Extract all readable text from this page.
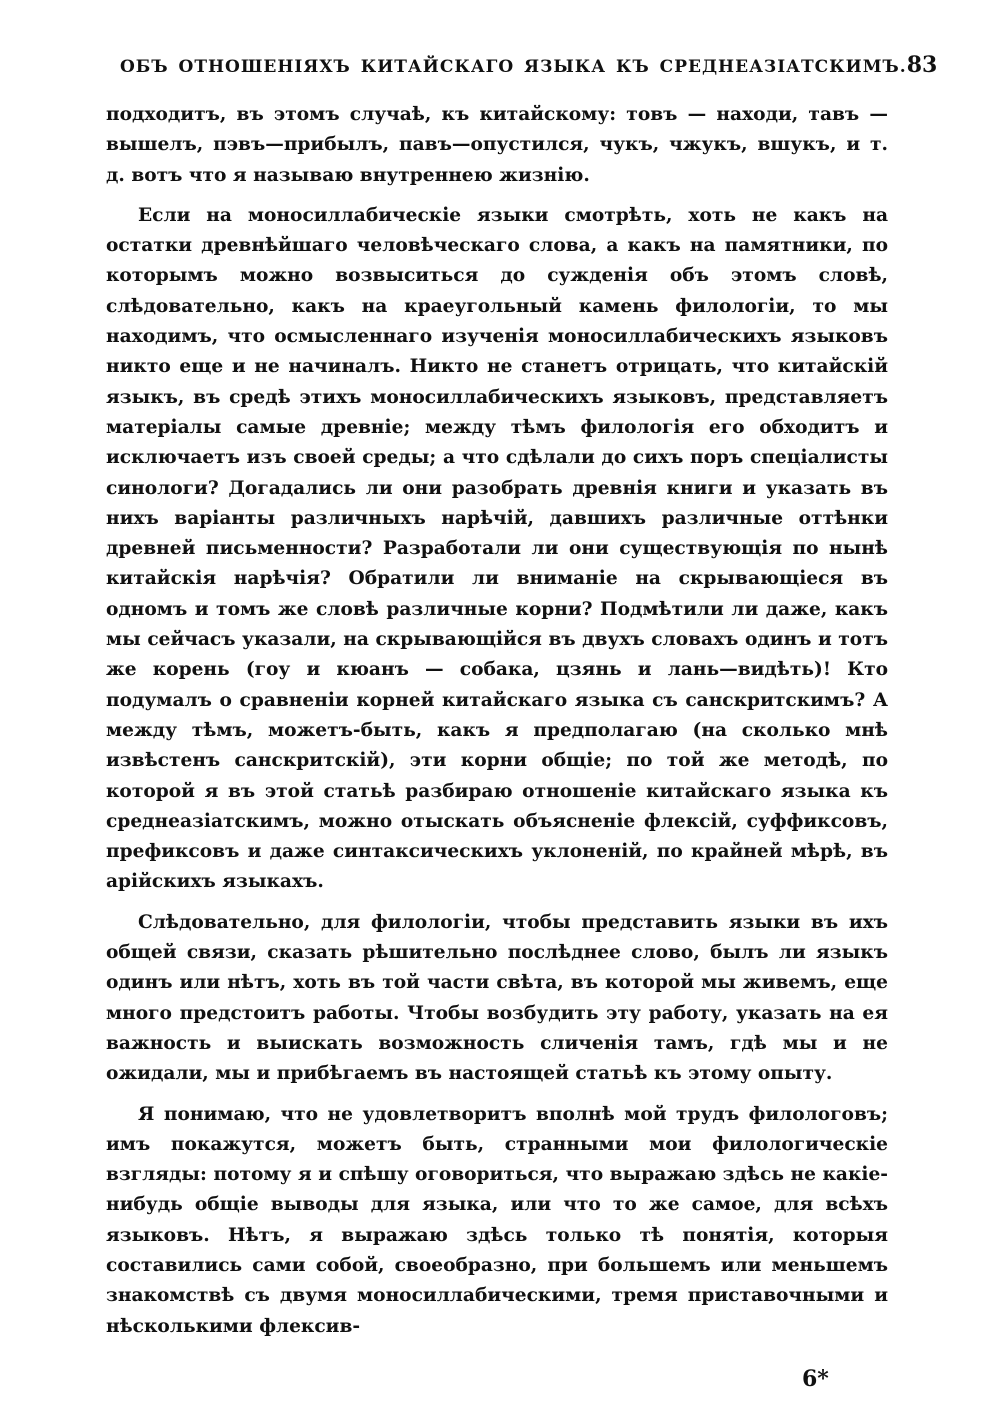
ОБЪ ОТНОШЕНІЯХЪ КИТАЙСКАГО ЯЗЫКА КЪ СРЕДНЕАЗІАТСКИМЪ. 83

подходитъ, въ этомъ случаѣ, къ китайскому: товъ — находи, тавъ — вышелъ, пэвъ—прибылъ, павъ—опустился, чукъ, чжукъ, вшукъ, и т. д. вотъ что я называю внутреннею жизнію.

Если на моносиллабическіе языки смотрѣть, хоть не какъ на остатки древнѣйшаго человѣческаго слова, а какъ на памятники, по которымъ можно возвыситься до сужденія объ этомъ словѣ, слѣдовательно, какъ на краеугольный камень филологіи, то мы находимъ, что осмысленнаго изученія моносиллабическихъ языковъ никто еще и не начиналъ. Никто не станетъ отрицать, что китайскій языкъ, въ средѣ этихъ моносиллабическихъ языковъ, представляетъ матеріалы самые древніе; между тѣмъ филологія его обходитъ и исключаетъ изъ своей среды; а что сдѣлали до сихъ поръ спеціалисты синологи? Догадались ли они разобрать древнія книги и указать въ нихъ варіанты различныхъ нарѣчій, давшихъ различные оттѣнки древней письменности? Разработали ли они существующія по нынѣ китайскія нарѣчія? Обратили ли вниманіе на скрывающіеся въ одномъ и томъ же словѣ различные корни? Подмѣтили ли даже, какъ мы сейчасъ указали, на скрывающійся въ двухъ словахъ одинъ и тотъ же корень (гоу и кюанъ — собака, цзянь и лань—видѣть)! Кто подумалъ о сравненіи корней китайскаго языка съ санскритскимъ? А между тѣмъ, можетъ-быть, какъ я предполагаю (на сколько мнѣ извѣстенъ санскритскій), эти корни общіе; по той же методѣ, по которой я въ этой статьѣ разбираю отношеніе китайскаго языка къ среднеазіатскимъ, можно отыскать объясненіе флексій, суффиксовъ, префиксовъ и даже синтаксическихъ уклоненій, по крайней мѣрѣ, въ арійскихъ языкахъ.

Слѣдовательно, для филологіи, чтобы представить языки въ ихъ общей связи, сказать рѣшительно послѣднее слово, былъ ли языкъ одинъ или нѣтъ, хоть въ той части свѣта, въ которой мы живемъ, еще много предстоитъ работы. Чтобы возбудить эту работу, указать на ея важность и выискать возможность сличенія тамъ, гдѣ мы и не ожидали, мы и прибѣгаемъ въ настоящей статьѣ къ этому опыту.

Я понимаю, что не удовлетворитъ вполнѣ мой трудъ филологовъ; имъ покажутся, можетъ быть, странными мои филологическіе взгляды: потому я и спѣшу оговориться, что выражаю здѣсь не какіе-нибудь общіе выводы для языка, или что то же самое, для всѣхъ языковъ. Нѣтъ, я выражаю здѣсь только тѣ понятія, которыя составились сами собой, своеобразно, при большемъ или меньшемъ знакомствѣ съ двумя моносиллабическими, тремя приставочными и нѣсколькими флексив-

6*
